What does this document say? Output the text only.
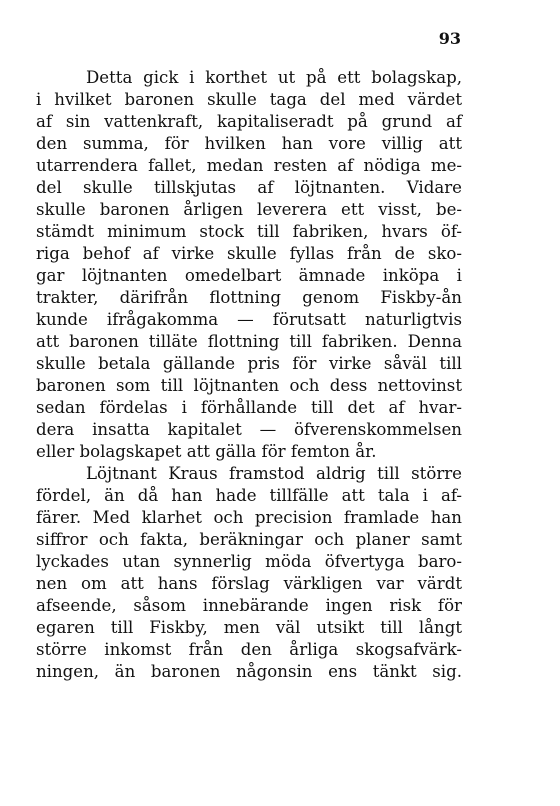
93
Detta gick i korthet ut på ett bolagskap,
i hvilket baronen skulle taga del med värdet
af sin vattenkraft, kapitaliseradt på grund af
den summa, för hvilken han vore villig att
utarrendera fallet, medan resten af nödiga me-
del skulle tillskjutas af löjtnanten. Vidare
skulle baronen årligen leverera ett visst, be-
stämdt minimum stock till fabriken, hvars öf-
riga behof af virke skulle fyllas från de sko-
gar löjtnanten omedelbart ämnade inköpa i
trakter, därifrån flottning genom Fiskby-ån
kunde ifrågakomma — förutsatt naturligtvis
att baronen tilläte flottning till fabriken. Denna
skulle betala gällande pris för virke såväl till
baronen som till löjtnanten och dess nettovinst
sedan fördelas i förhållande till det af hvar-
dera insatta kapitalet — öfverenskommelsen
eller bolagskapet att gälla för femton år.
Löjtnant Kraus framstod aldrig till större
fördel, än då han hade tillfälle att tala i af-
färer. Med klarhet och precision framlade han
siffror och fakta, beräkningar och planer samt
lyckades utan synnerlig möda öfvertyga baro-
nen om att hans förslag värkligen var värdt
afseende, såsom innebärande ingen risk för
egaren till Fiskby, men väl utsikt till långt
större inkomst från den årliga skogsafvärk-
ningen, än baronen någonsin ens tänkt sig.
